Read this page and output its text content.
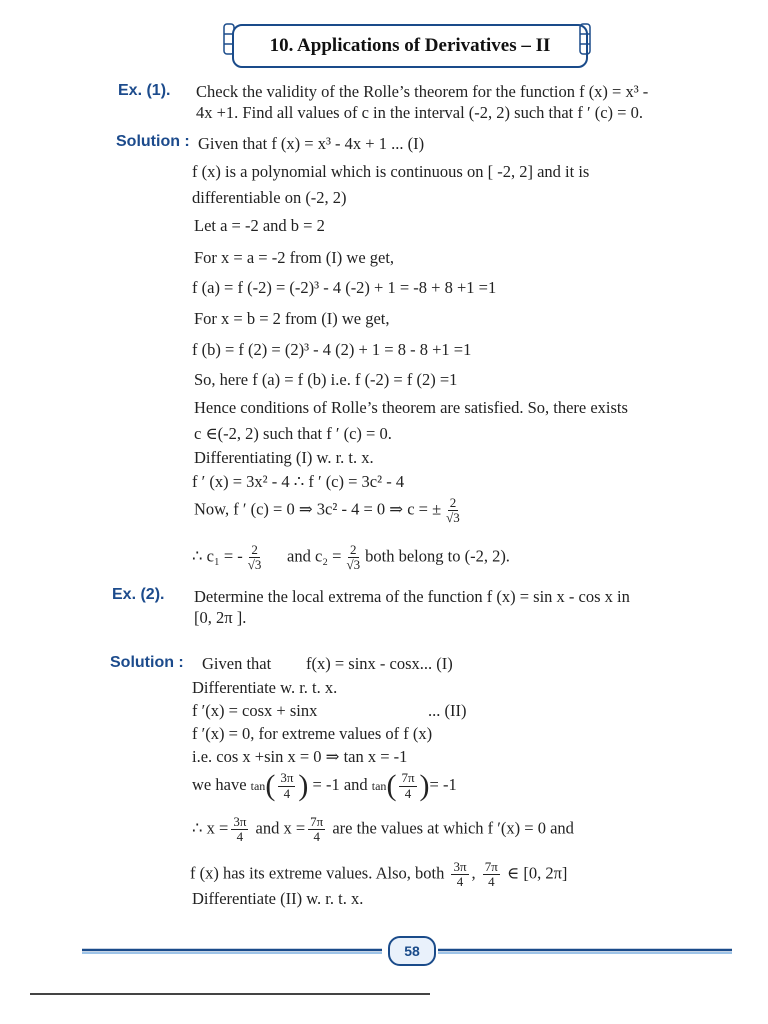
10. Applications of Derivatives – II
Ex. (1). Check the validity of the Rolle’s theorem for the function f (x) = x³ -
4x +1. Find all values of c in the interval (-2, 2) such that f ′ (c) = 0.
Solution : Given that f (x) = x³ - 4x + 1 ... (I)
f (x) is a polynomial which is continuous on [ -2, 2] and it is
differentiable on (-2, 2)
Let a = -2 and b = 2
For x = a = -2 from (I) we get,
f (a) = f (-2) = (-2)³ - 4 (-2) + 1 = -8 + 8 +1 =1
For x = b = 2 from (I) we get,
f (b) = f (2) = (2)³ - 4 (2) + 1 = 8 - 8 +1 =1
So, here f (a) = f (b) i.e. f (-2) = f (2) =1
Hence conditions of Rolle’s theorem are satisfied. So, there exists
c ∈(-2, 2) such that f ′ (c) = 0.
Differentiating (I) w. r. t. x.
f ′ (x) = 3x² - 4 ∴ f ′ (c) = 3c² - 4
Now, f ′ (c) = 0 ⇒ 3c² - 4 = 0 ⇒ c = ± $\frac{2}{√3}$
∴ c₁ = - $\frac{2}{√3}$ and $c_2 = \frac{2}{√3}$ both belong to (-2, 2).
Ex. (2). Determine the local extrema of the function f (x) = sin x - cos x in
[0, 2π ].
Solution : Given that f(x) = sinx - cosx... (I)
Differentiate w. r. t. x.
f ′(x) = cosx + sinx	... (II)
f ′(x) = 0, for extreme values of f (x)
i.e. cos x +sin x = 0 ⇒ tan x = -1
we have $\tan( \frac{3\pi}{4}$ ) = -1 and $\tan( \frac{7\pi}{4}$ )= -1
∴ $x = \frac{3\pi}{4}$ and $x = \frac{7\pi}{4}$ are the values at which f ′(x) = 0 and
f (x) has its extreme values. Also, both $\frac{3\pi}{4}$ , $\frac{7\pi}{4}$ ∈ [0, 2π]
Differentiate (II) w. r. t. x.
58
